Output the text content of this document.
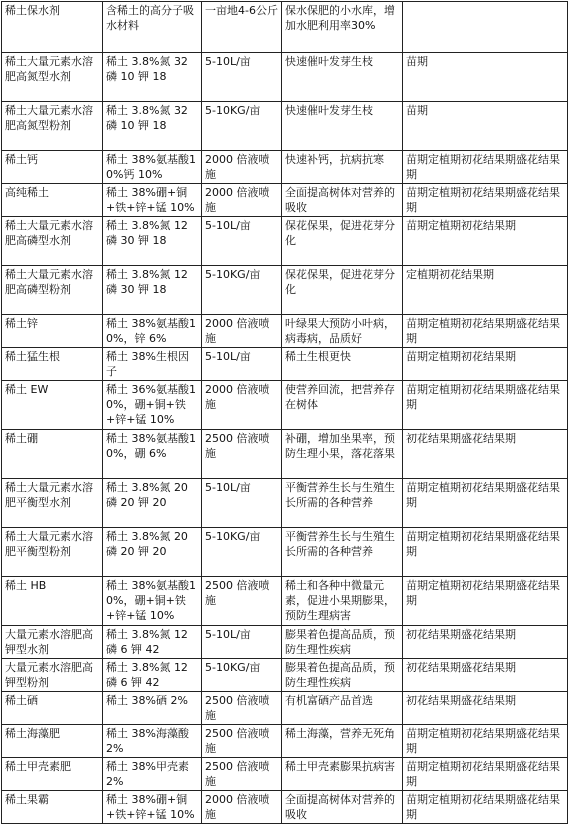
稀土保水剂	含稀土的高分子吸水材料	一亩地4-6公斤	保水保肥的小水库，增加水肥利用率30%	
稀土大量元素水溶肥高氮型水剂	稀土 3.8%氮 32 磷 10 钾 18	5-10L/亩	快速催叶发芽生枝	苗期
稀土大量元素水溶肥高氮型粉剂	稀土 3.8%氮 32 磷 10 钾 18	5-10KG/亩	快速催叶发芽生枝	苗期
稀土钙	稀土 38%氨基酸10%钙 10%	2000 倍液喷施	快速补钙，抗病抗寒	苗期定植期初花结果期盛花结果期
高纯稀土	稀土 38%硼+铜+铁+锌+锰 10%	2000 倍液喷施	全面提高树体对营养的吸收	苗期定植期初花结果期盛花结果期
稀土大量元素水溶肥高磷型水剂	稀土 3.8%氮 12 磷 30 钾 18	5-10L/亩	保花保果，促进花芽分化	苗期定植期初花结果期
稀土大量元素水溶肥高磷型粉剂	稀土 3.8%氮 12 磷 30 钾 18	5-10KG/亩	保花保果，促进花芽分化	定植期初花结果期
稀土锌	稀土 38%氨基酸10%，锌 6%	2000 倍液喷施	叶绿果大预防小叶病，病毒病，品质好	苗期定植期初花结果期盛花结果期
稀土猛生根	稀土 38%生根因子	5-10L/亩	稀土生根更快	苗期定植期初花结果期
稀土 EW	稀土 36%氨基酸10%，硼+铜+铁+锌+锰 10%	2000 倍液喷施	使营养回流，把营养存在树体	苗期定植期初花结果期盛花结果期
稀土硼	稀土 38%氨基酸10%，硼 6%	2500 倍液喷施	补硼，增加坐果率，预防生理小果，落花落果	初花结果期盛花结果期
稀土大量元素水溶肥平衡型水剂	稀土 3.8%氮 20 磷 20 钾 20	5-10L/亩	平衡营养生长与生殖生长所需的各种营养	苗期定植期初花结果期盛花结果期
稀土大量元素水溶肥平衡型粉剂	稀土 3.8%氮 20 磷 20 钾 20	5-10KG/亩	平衡营养生长与生殖生长所需的各种营养	苗期定植期初花结果期盛花结果期
稀土 HB	稀土 38%氨基酸10%，硼+铜+铁+锌+锰 10%	2500 倍液喷施	稀土和各种中微量元素，促进小果期膨果，预防生理病害	苗期定植期初花结果期盛花结果期
大量元素水溶肥高钾型水剂	稀土 3.8%氮 12 磷 6 钾 42	5-10L/亩	膨果着色提高品质，预防生理性疾病	初花结果期盛花结果期
大量元素水溶肥高钾型粉剂	稀土 3.8%氮 12 磷 6 钾 42	5-10KG/亩	膨果着色提高品质，预防生理性疾病	初花结果期盛花结果期
稀土硒	稀土 38%硒 2%	2500 倍液喷施	有机富硒产品首选	初花结果期盛花结果期
稀土海藻肥	稀土 38%海藻酸2%	2500 倍液喷施	稀土海藻，营养无死角	苗期定植期初花结果期盛花结果期
稀土甲壳素肥	稀土 38%甲壳素2%	2500 倍液喷施	稀土甲壳素膨果抗病害	苗期定植期初花结果期盛花结果期
稀土果霸	稀土 38%硼+铜+铁+锌+锰 10%	2000 倍液喷施	全面提高树体对营养的吸收	苗期定植期初花结果期盛花结果期
